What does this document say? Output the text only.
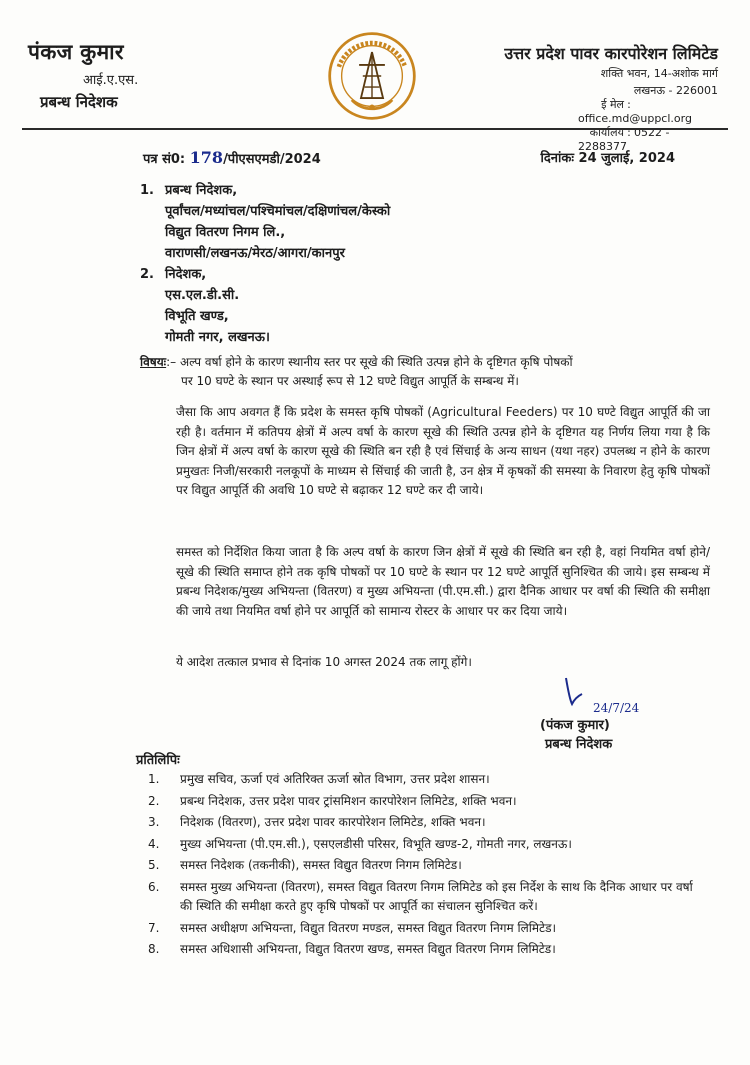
पंकज कुमार
आई.ए.एस.
प्रबन्ध निदेशक
उत्तर प्रदेश पावर कारपोरेशन लिमिटेड
शक्ति भवन, 14-अशोक मार्ग
लखनऊ - 226001
ई मेल :office.md@uppcl.org
कार्यालय : 0522 - 2288377
पत्र सं0: 178/पीएसएमडी/2024	दिनांकः 24 जुलाई, 2024
1. प्रबन्ध निदेशक,
पूर्वांचल/मध्यांचल/पश्चिमांचल/दक्षिणांचल/केस्को
विद्युत वितरण निगम लि.,
वाराणसी/लखनऊ/मेरठ/आगरा/कानपुर
2. निदेशक,
एस.एल.डी.सी.
विभूति खण्ड,
गोमती नगर, लखनऊ।
विषयः:– अल्प वर्षा होने के कारण स्थानीय स्तर पर सूखे की स्थिति उत्पन्न होने के दृष्टिगत कृषि पोषकों
पर 10 घण्टे के स्थान पर अस्थाई रूप से 12 घण्टे विद्युत आपूर्ति के सम्बन्ध में।
जैसा कि आप अवगत हैं कि प्रदेश के समस्त कृषि पोषकों (Agricultural Feeders) पर 10 घण्टे विद्युत आपूर्ति की जा रही है। वर्तमान में कतिपय क्षेत्रों में अल्प वर्षा के कारण सूखे की स्थिति उत्पन्न होने के दृष्टिगत यह निर्णय लिया गया है कि जिन क्षेत्रों में अल्प वर्षा के कारण सूखे की स्थिति बन रही है एवं सिंचाई के अन्य साधन (यथा नहर) उपलब्ध न होने के कारण प्रमुखतः निजी/सरकारी नलकूपों के माध्यम से सिंचाई की जाती है, उन क्षेत्र में कृषकों की समस्या के निवारण हेतु कृषि पोषकों पर विद्युत आपूर्ति की अवधि 10 घण्टे से बढ़ाकर 12 घण्टे कर दी जाये।
समस्त को निर्देशित किया जाता है कि अल्प वर्षा के कारण जिन क्षेत्रों में सूखे की स्थिति बन रही है, वहां नियमित वर्षा होने/सूखे की स्थिति समाप्त होने तक कृषि पोषकों पर 10 घण्टे के स्थान पर 12 घण्टे आपूर्ति सुनिश्चित की जाये। इस सम्बन्ध में प्रबन्ध निदेशक/मुख्य अभियन्ता (वितरण) व मुख्य अभियन्ता (पी.एम.सी.) द्वारा दैनिक आधार पर वर्षा की स्थिति की समीक्षा की जाये तथा नियमित वर्षा होने पर आपूर्ति को सामान्य रोस्टर के आधार पर कर दिया जाये।
ये आदेश तत्काल प्रभाव से दिनांक 10 अगस्त 2024 तक लागू होंगे।
24/7/24
(पंकज कुमार)
प्रबन्ध निदेशक
प्रतिलिपिः
1.	प्रमुख सचिव, ऊर्जा एवं अतिरिक्त ऊर्जा स्रोत विभाग, उत्तर प्रदेश शासन।
2.	प्रबन्ध निदेशक, उत्तर प्रदेश पावर ट्रांसमिशन कारपोरेशन लिमिटेड, शक्ति भवन।
3.	निदेशक (वितरण), उत्तर प्रदेश पावर कारपोरेशन लिमिटेड, शक्ति भवन।
4.	मुख्य अभियन्ता (पी.एम.सी.), एसएलडीसी परिसर, विभूति खण्ड-2, गोमती नगर, लखनऊ।
5.	समस्त निदेशक (तकनीकी), समस्त विद्युत वितरण निगम लिमिटेड।
6.	समस्त मुख्य अभियन्ता (वितरण), समस्त विद्युत वितरण निगम लिमिटेड को इस निर्देश के साथ कि दैनिक आधार पर वर्षा की स्थिति की समीक्षा करते हुए कृषि पोषकों पर आपूर्ति का संचालन सुनिश्चित करें।
7.	समस्त अधीक्षण अभियन्ता, विद्युत वितरण मण्डल, समस्त विद्युत वितरण निगम लिमिटेड।
8.	समस्त अधिशासी अभियन्ता, विद्युत वितरण खण्ड, समस्त विद्युत वितरण निगम लिमिटेड।
